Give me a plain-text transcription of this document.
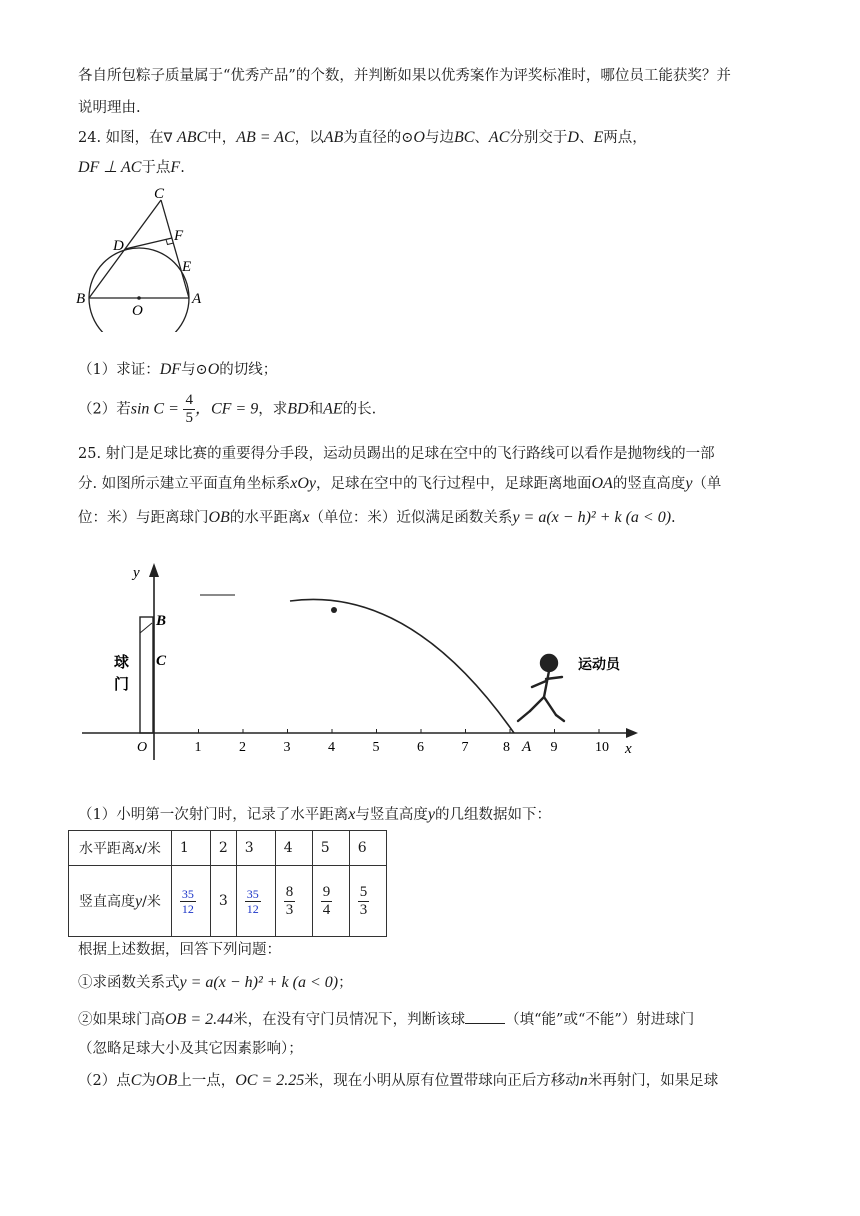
各自所包粽子质量属于“优秀产品”的个数，并判断如果以优秀案作为评奖标准时，哪位员工能获奖？并
说明理由.
24. 如图，在∇ ABC中，AB = AC，以AB为直径的⊙O与边BC、AC分别交于D、E两点，
DF ⊥ AC于点F.
C
D
F
E
B
O
A
（1）求证：DF与⊙O的切线；
（2）若$\sin C = \frac{4}{5}$ ，CF = 9，求BD和AE的长.
25. 射门是足球比赛的重要得分手段，运动员踢出的足球在空中的飞行路线可以看作是抛物线的一部
分. 如图所示建立平面直角坐标系xOy，足球在空中的飞行过程中，足球距离地面OA的竖直高度y（单
位：米）与距离球门OB的水平距离x（单位：米）近似满足函数关系y = a(x − h)² + k (a < 0).
1	2	3	4	5	6	7 8	9	10
y
x
O
B
C
A
球
门
运动员
（1）小明第一次射门时，记录了水平距离x与竖直高度y的几组数据如下：
水平距离x/米	1	2	3	4	5	6
竖直高度y/米	$\frac{35}{12}$	3	$\frac{35}{12}$	$\frac{8}{3}$	$\frac{9}{4}$	$\frac{5}{3}$
根据上述数据，回答下列问题：
①求函数关系式y = a(x − h)² + k (a < 0)；
②如果球门高OB = 2.44米，在没有守门员情况下，判断该球	（填“能”或“不能”）射进球门
（忽略足球大小及其它因素影响）；
（2）点C为OB上一点，OC = 2.25米，现在小明从原有位置带球向正后方移动n米再射门，如果足球
